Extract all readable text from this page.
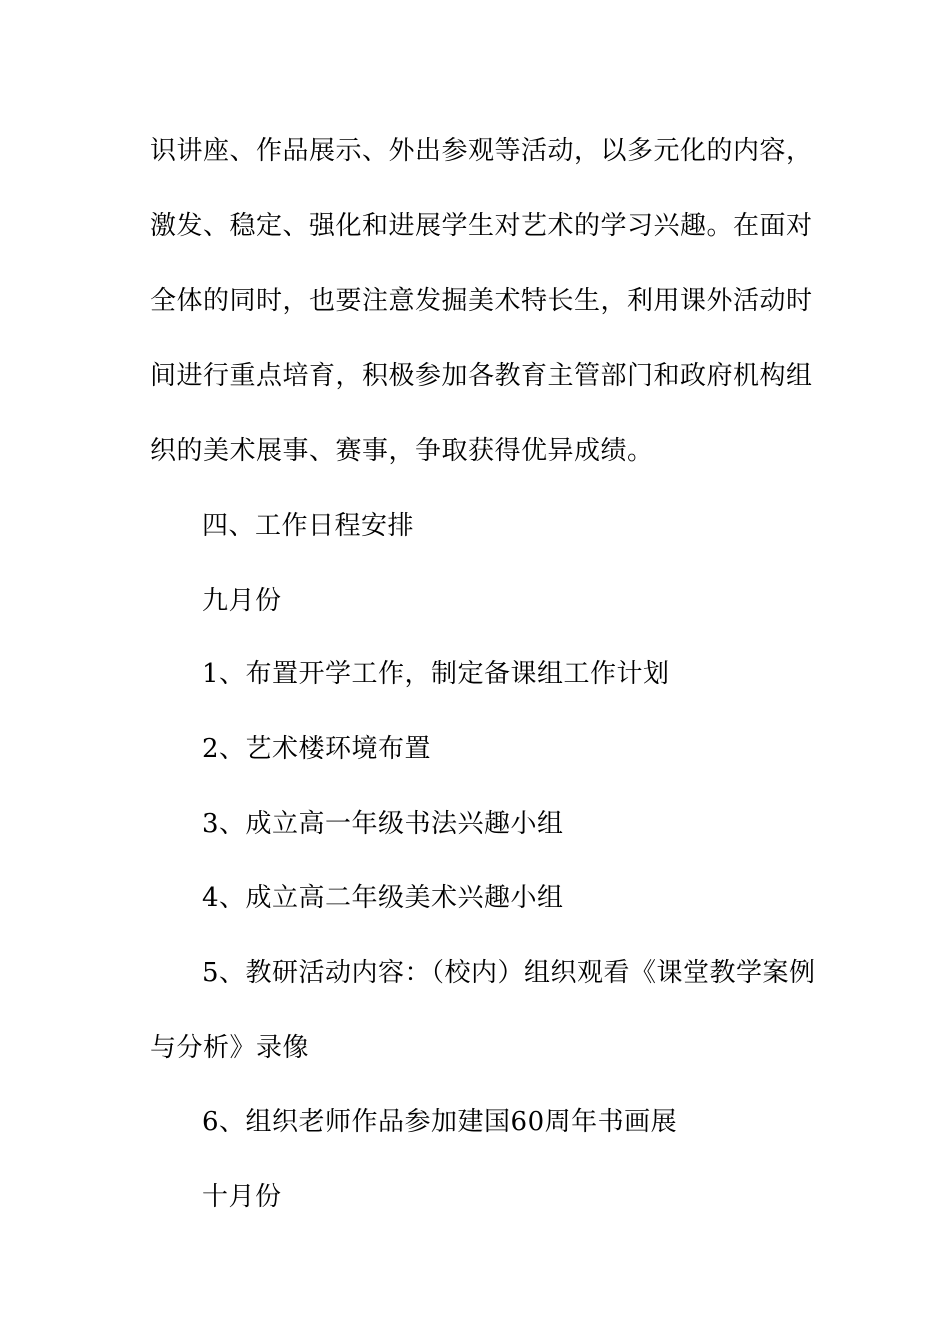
识讲座、作品展示、外出参观等活动，以多元化的内容，
激发、稳定、强化和进展学生对艺术的学习兴趣。在面对
全体的同时，也要注意发掘美术特长生，利用课外活动时
间进行重点培育，积极参加各教育主管部门和政府机构组
织的美术展事、赛事，争取获得优异成绩。
四、工作日程安排
九月份
1、布置开学工作，制定备课组工作计划
2、艺术楼环境布置
3、成立高一年级书法兴趣小组
4、成立高二年级美术兴趣小组
5、教研活动内容：（校内）组织观看《课堂教学案例
与分析》录像
6、组织老师作品参加建国60周年书画展
十月份
